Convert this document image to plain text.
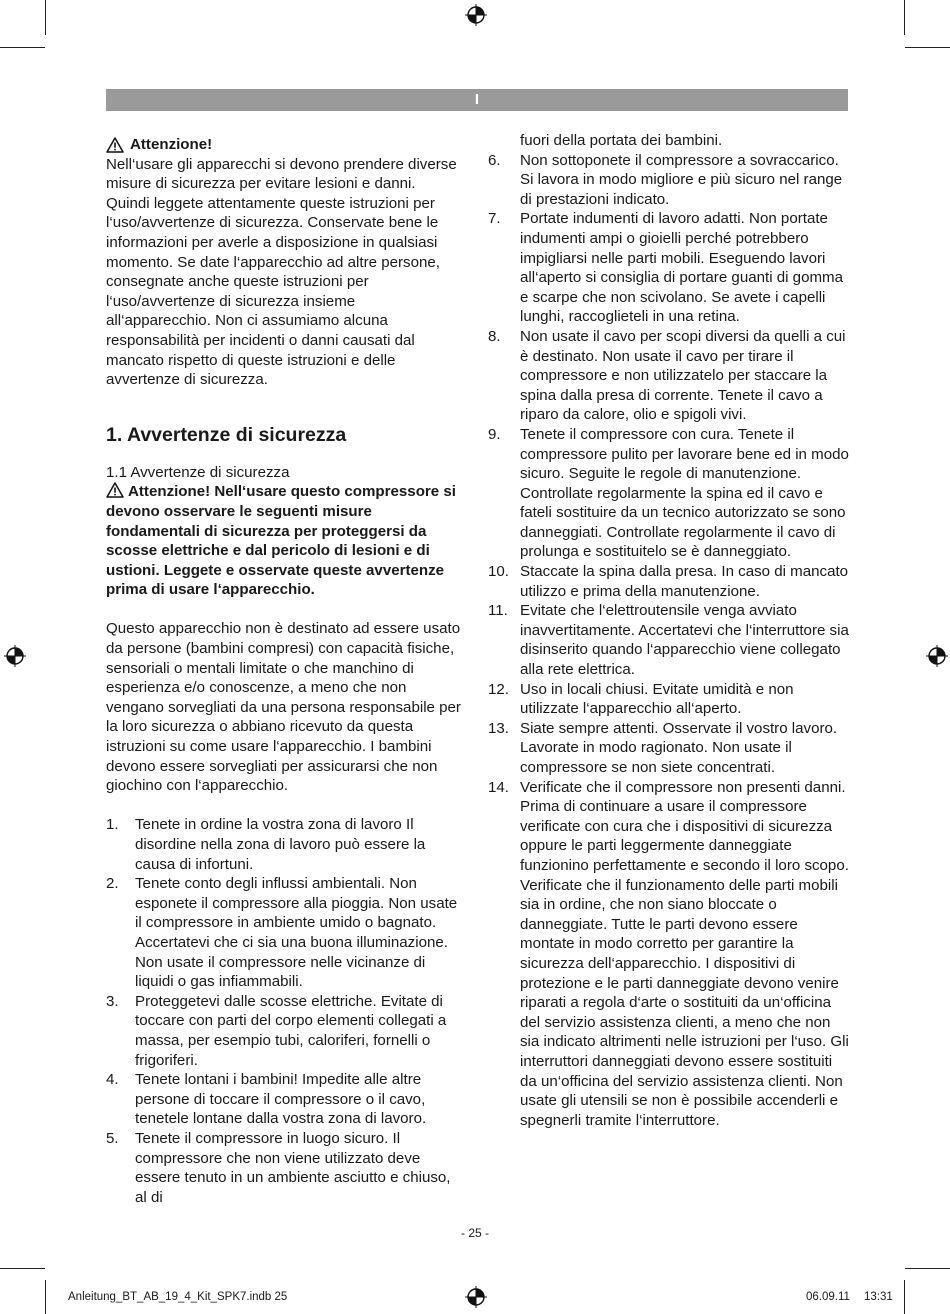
I
Attenzione!

Nell‘usare gli apparecchi si devono prendere diverse misure di sicurezza per evitare lesioni e danni. Quindi leggete attentamente queste istruzioni per l‘uso/avvertenze di sicurezza. Conservate bene le informazioni per averle a disposizione in qualsiasi momento. Se date l‘apparecchio ad altre persone, consegnate anche queste istruzioni per l‘uso/avvertenze di sicurezza insieme all‘apparecchio. Non ci assumiamo alcuna responsabilità per incidenti o danni causati dal mancato rispetto di queste istruzioni e delle avvertenze di sicurezza.

1. Avvertenze di sicurezza
1.1 Avvertenze di sicurezza

Attenzione! Nell‘usare questo compressore si devono osservare le seguenti misure fondamentali di sicurezza per proteggersi da scosse elettriche e dal pericolo di lesioni e di ustioni. Leggete e osservate queste avvertenze prima di usare l‘apparecchio.

Questo apparecchio non è destinato ad essere usato da persone (bambini compresi) con capacità fisiche, sensoriali o mentali limitate o che manchino di esperienza e/o conoscenze, a meno che non vengano sorvegliati da una persona responsabile per la loro sicurezza o abbiano ricevuto da questa istruzioni su come usare l‘apparecchio. I bambini devono essere sorvegliati per assicurarsi che non giochino con l‘apparecchio.

1.	Tenete in ordine la vostra zona di lavoro Il disordine nella zona di lavoro può essere la causa di infortuni.
2.	Tenete conto degli influssi ambientali. Non esponete il compressore alla pioggia. Non usate il compressore in ambiente umido o bagnato. Accertatevi che ci sia una buona illuminazione. Non usate il compressore nelle vicinanze di liquidi o gas infiammabili.
3.	Proteggetevi dalle scosse elettriche. Evitate di toccare con parti del corpo elementi collegati a massa, per esempio tubi, caloriferi, fornelli o frigoriferi.
4.	Tenete lontani i bambini! Impedite alle altre persone di toccare il compressore o il cavo, tenetele lontane dalla vostra zona di lavoro.
5.	Tenete il compressore in luogo sicuro. Il compressore che non viene utilizzato deve essere tenuto in un ambiente asciutto e chiuso, al di
fuori della portata dei bambini.
6.	Non sottoponete il compressore a sovraccarico. Si lavora in modo migliore e più sicuro nel range di prestazioni indicato.
7.	Portate indumenti di lavoro adatti. Non portate indumenti ampi o gioielli perché potrebbero impigliarsi nelle parti mobili. Eseguendo lavori all‘aperto si consiglia di portare guanti di gomma e scarpe che non scivolano. Se avete i capelli lunghi, raccoglieteli in una retina.
8.	Non usate il cavo per scopi diversi da quelli a cui è destinato. Non usate il cavo per tirare il compressore e non utilizzatelo per staccare la spina dalla presa di corrente. Tenete il cavo a riparo da calore, olio e spigoli vivi.
9.	Tenete il compressore con cura. Tenete il compressore pulito per lavorare bene ed in modo sicuro. Seguite le regole di manutenzione. Controllate regolarmente la spina ed il cavo e fateli sostituire da un tecnico autorizzato se sono danneggiati. Controllate regolarmente il cavo di prolunga e sostituitelo se è danneggiato.
10. Staccate la spina dalla presa. In caso di mancato utilizzo e prima della manutenzione.
11. Evitate che l‘elettroutensile venga avviato inavvertitamente. Accertatevi che l‘interruttore sia disinserito quando l‘apparecchio viene collegato alla rete elettrica.
12. Uso in locali chiusi. Evitate umidità e non utilizzate l‘apparecchio all‘aperto.
13. Siate sempre attenti. Osservate il vostro lavoro. Lavorate in modo ragionato. Non usate il compressore se non siete concentrati.
14. Verificate che il compressore non presenti danni. Prima di continuare a usare il compressore verificate con cura che i dispositivi di sicurezza oppure le parti leggermente danneggiate funzionino perfettamente e secondo il loro scopo. Verificate che il funzionamento delle parti mobili sia in ordine, che non siano bloccate o danneggiate. Tutte le parti devono essere montate in modo corretto per garantire la sicurezza dell‘apparecchio. I dispositivi di protezione e le parti danneggiate devono venire riparati a regola d‘arte o sostituiti da un‘officina del servizio assistenza clienti, a meno che non sia indicato altrimenti nelle istruzioni per l‘uso. Gli interruttori danneggiati devono essere sostituiti da un‘officina del servizio assistenza clienti. Non usate gli utensili se non è possibile accenderli e spegnerli tramite l‘interruttore.
- 25 -
Anleitung_BT_AB_19_4_Kit_SPK7.indb 25	06.09.11 13:31
